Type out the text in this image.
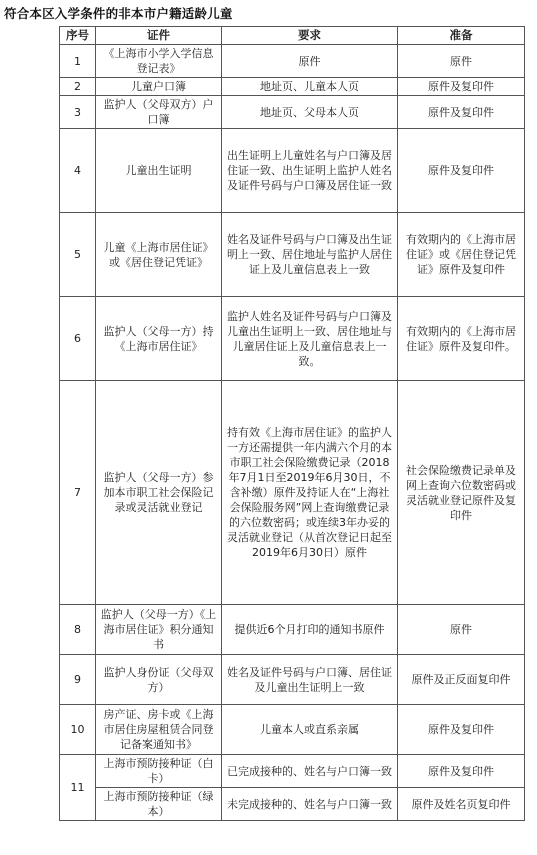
符合本区入学条件的非本市户籍适龄儿童
序号	证件	要求	准备
1	《上海市小学入学信息登记表》	原件	原件
2	儿童户口簿	地址页、儿童本人页	原件及复印件
3	监护人（父母双方）户口簿	地址页、父母本人页	原件及复印件
4	儿童出生证明	出生证明上儿童姓名与户口簿及居住证一致、出生证明上监护人姓名及证件号码与户口簿及居住证一致	原件及复印件
5	儿童《上海市居住证》或《居住登记凭证》	姓名及证件号码与户口簿及出生证明上一致、居住地址与监护人居住证上及儿童信息表上一致	有效期内的《上海市居住证》或《居住登记凭证》原件及复印件
6	监护人（父母一方）持《上海市居住证》	监护人姓名及证件号码与户口簿及儿童出生证明上一致、居住地址与儿童居住证上及儿童信息表上一致。	有效期内的《上海市居住证》原件及复印件。
7	监护人（父母一方）参加本市职工社会保险记录或灵活就业登记	持有效《上海市居住证》的监护人一方还需提供一年内满六个月的本市职工社会保险缴费记录（2018年7月1日至2019年6月30日，不含补缴）原件及持证人在“上海社会保险服务网”网上查询缴费记录的六位数密码；或连续3年办妥的灵活就业登记（从首次登记日起至2019年6月30日）原件	社会保险缴费记录单及网上查询六位数密码或灵活就业登记原件及复印件
8	监护人（父母一方）《上海市居住证》积分通知书	提供近6个月打印的通知书原件	原件
9	监护人身份证（父母双方）	姓名及证件号码与户口簿、居住证及儿童出生证明上一致	原件及正反面复印件
10	房产证、房卡或《上海市居住房屋租赁合同登记备案通知书》	儿童本人或直系亲属	原件及复印件
11	上海市预防接种证（白卡）	已完成接种的、姓名与户口簿一致	原件及复印件
	上海市预防接种证（绿本）	未完成接种的、姓名与户口簿一致	原件及姓名页复印件
